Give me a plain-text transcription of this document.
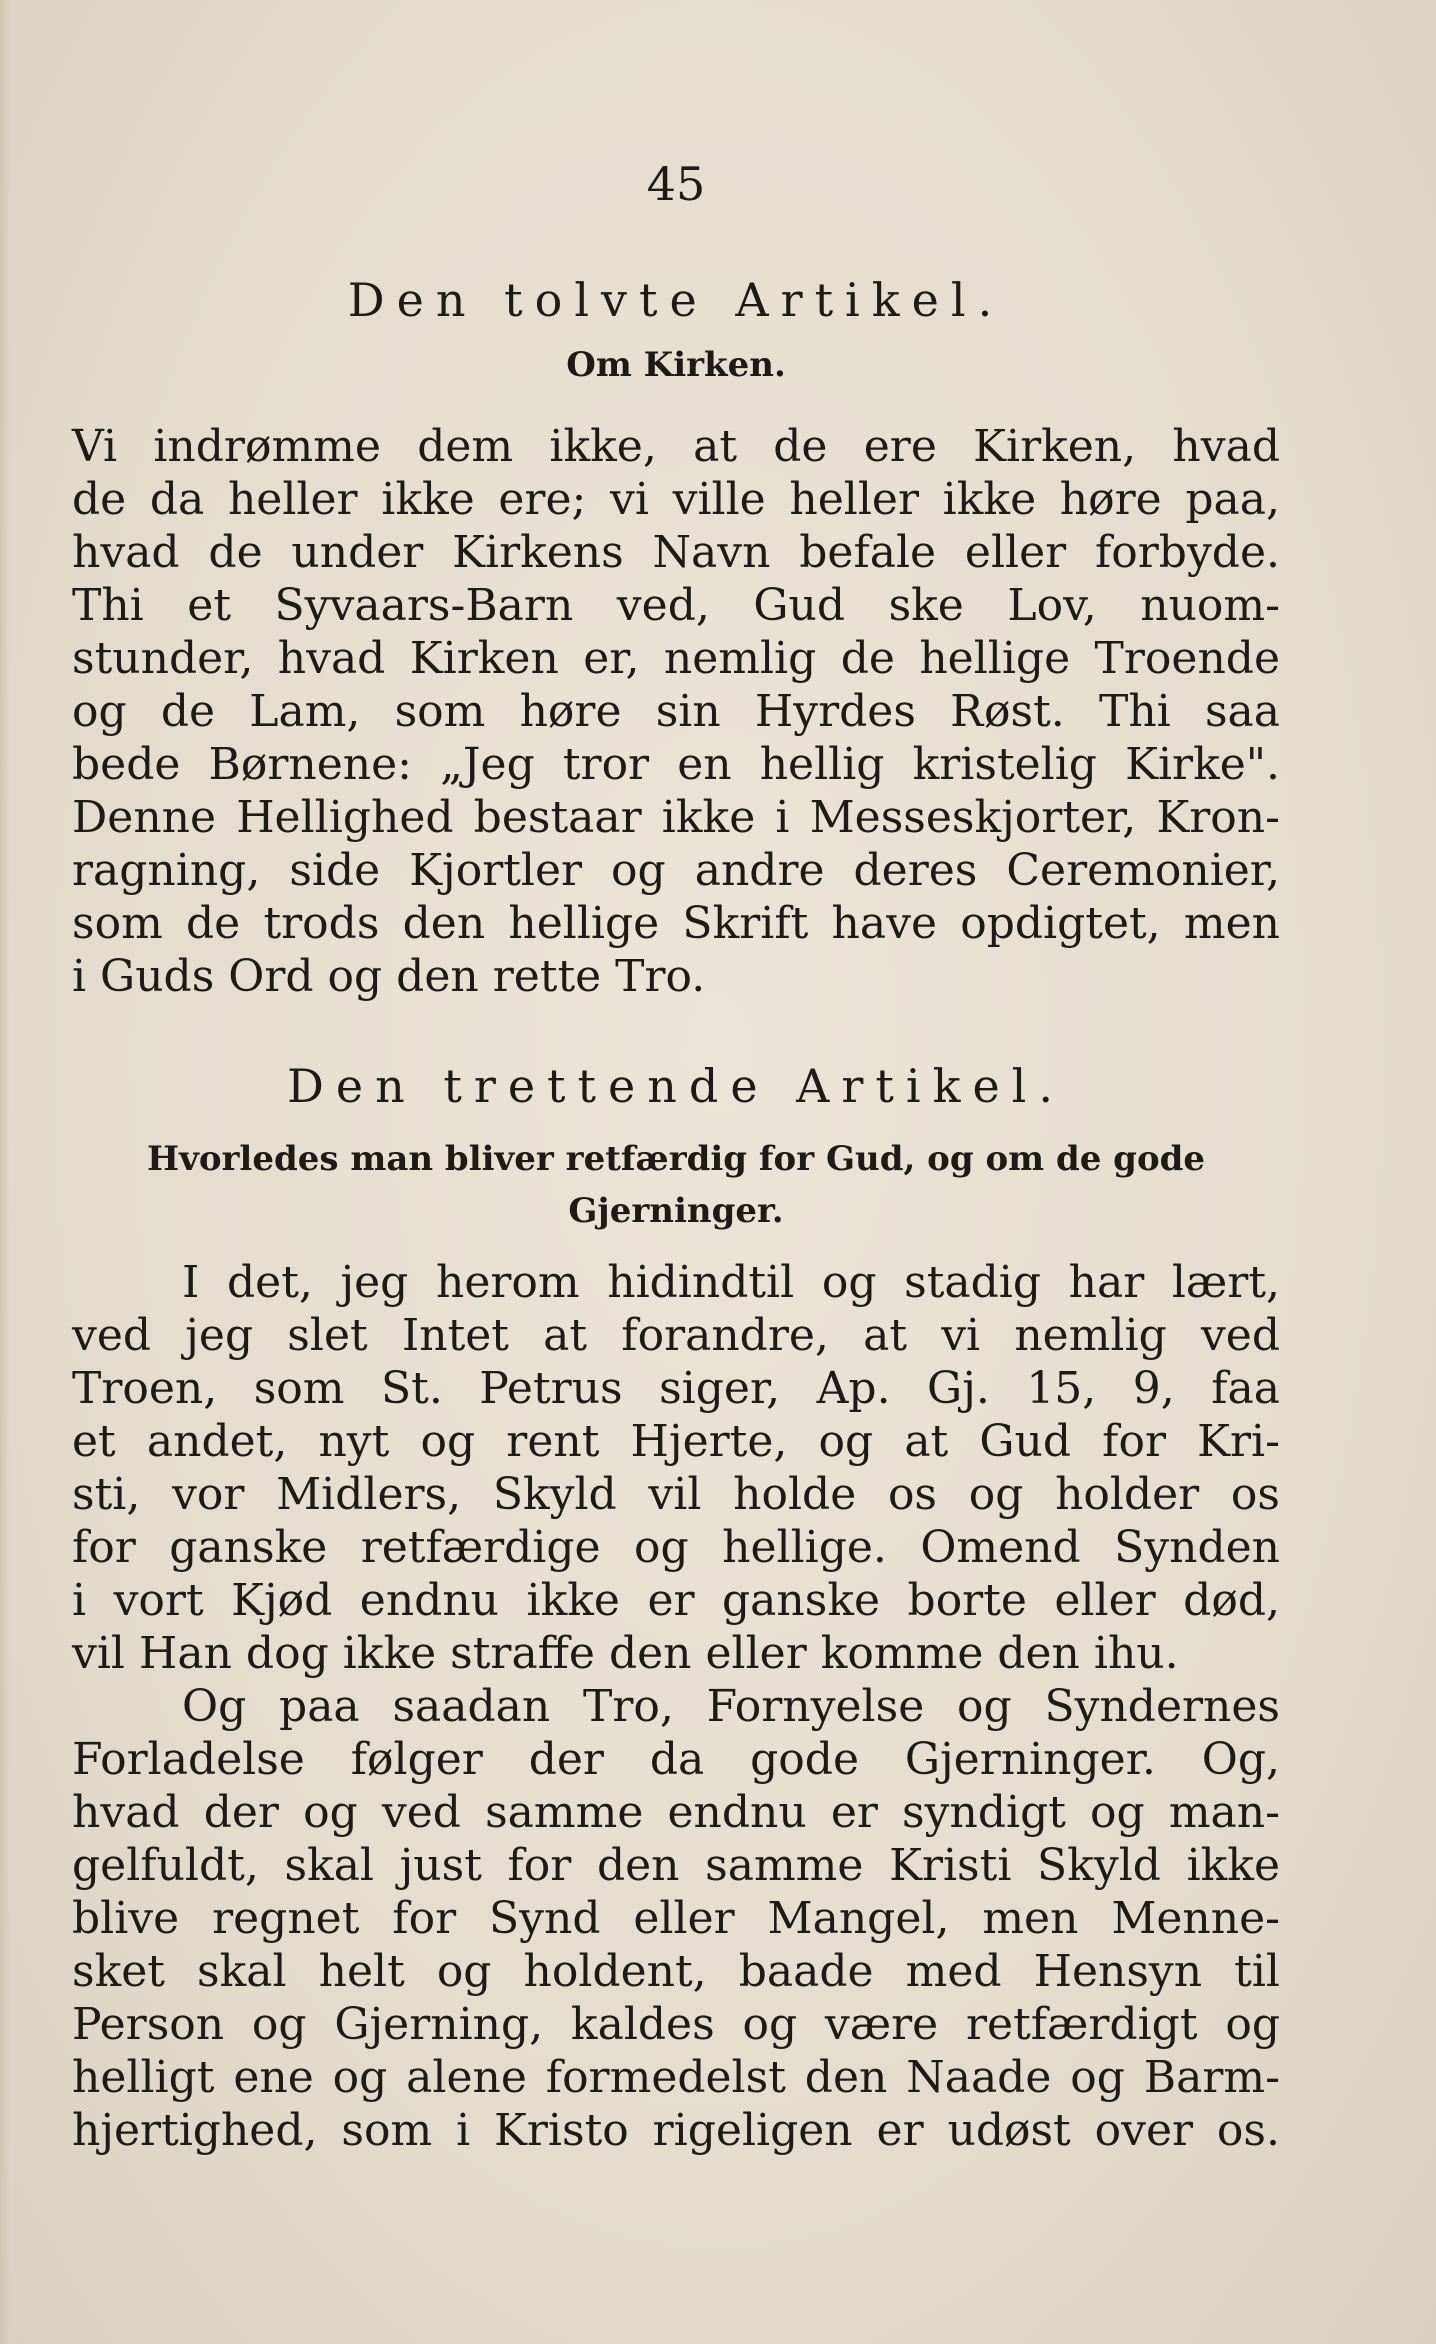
45
Den tolvte Artikel.
Om Kirken.
Vi indrømme dem ikke, at de ere Kirken, hvad
de da heller ikke ere; vi ville heller ikke høre paa,
hvad de under Kirkens Navn befale eller forbyde.
Thi et Syvaars-Barn ved, Gud ske Lov, nuom-
stunder, hvad Kirken er, nemlig de hellige Troende
og de Lam, som høre sin Hyrdes Røst. Thi saa
bede Børnene: „Jeg tror en hellig kristelig Kirke".
Denne Hellighed bestaar ikke i Messeskjorter, Kron-
ragning, side Kjortler og andre deres Ceremonier,
som de trods den hellige Skrift have opdigtet, men
i Guds Ord og den rette Tro.
Den trettende Artikel.
Hvorledes man bliver retfærdig for Gud, og om de gode
Gjerninger.
I det, jeg herom hidindtil og stadig har lært,
ved jeg slet Intet at forandre, at vi nemlig ved
Troen, som St. Petrus siger, Ap. Gj. 15, 9, faa
et andet, nyt og rent Hjerte, og at Gud for Kri-
sti, vor Midlers, Skyld vil holde os og holder os
for ganske retfærdige og hellige. Omend Synden
i vort Kjød endnu ikke er ganske borte eller død,
vil Han dog ikke straffe den eller komme den ihu.
Og paa saadan Tro, Fornyelse og Syndernes
Forladelse følger der da gode Gjerninger. Og,
hvad der og ved samme endnu er syndigt og man-
gelfuldt, skal just for den samme Kristi Skyld ikke
blive regnet for Synd eller Mangel, men Menne-
sket skal helt og holdent, baade med Hensyn til
Person og Gjerning, kaldes og være retfærdigt og
helligt ene og alene formedelst den Naade og Barm-
hjertighed, som i Kristo rigeligen er udøst over os.
